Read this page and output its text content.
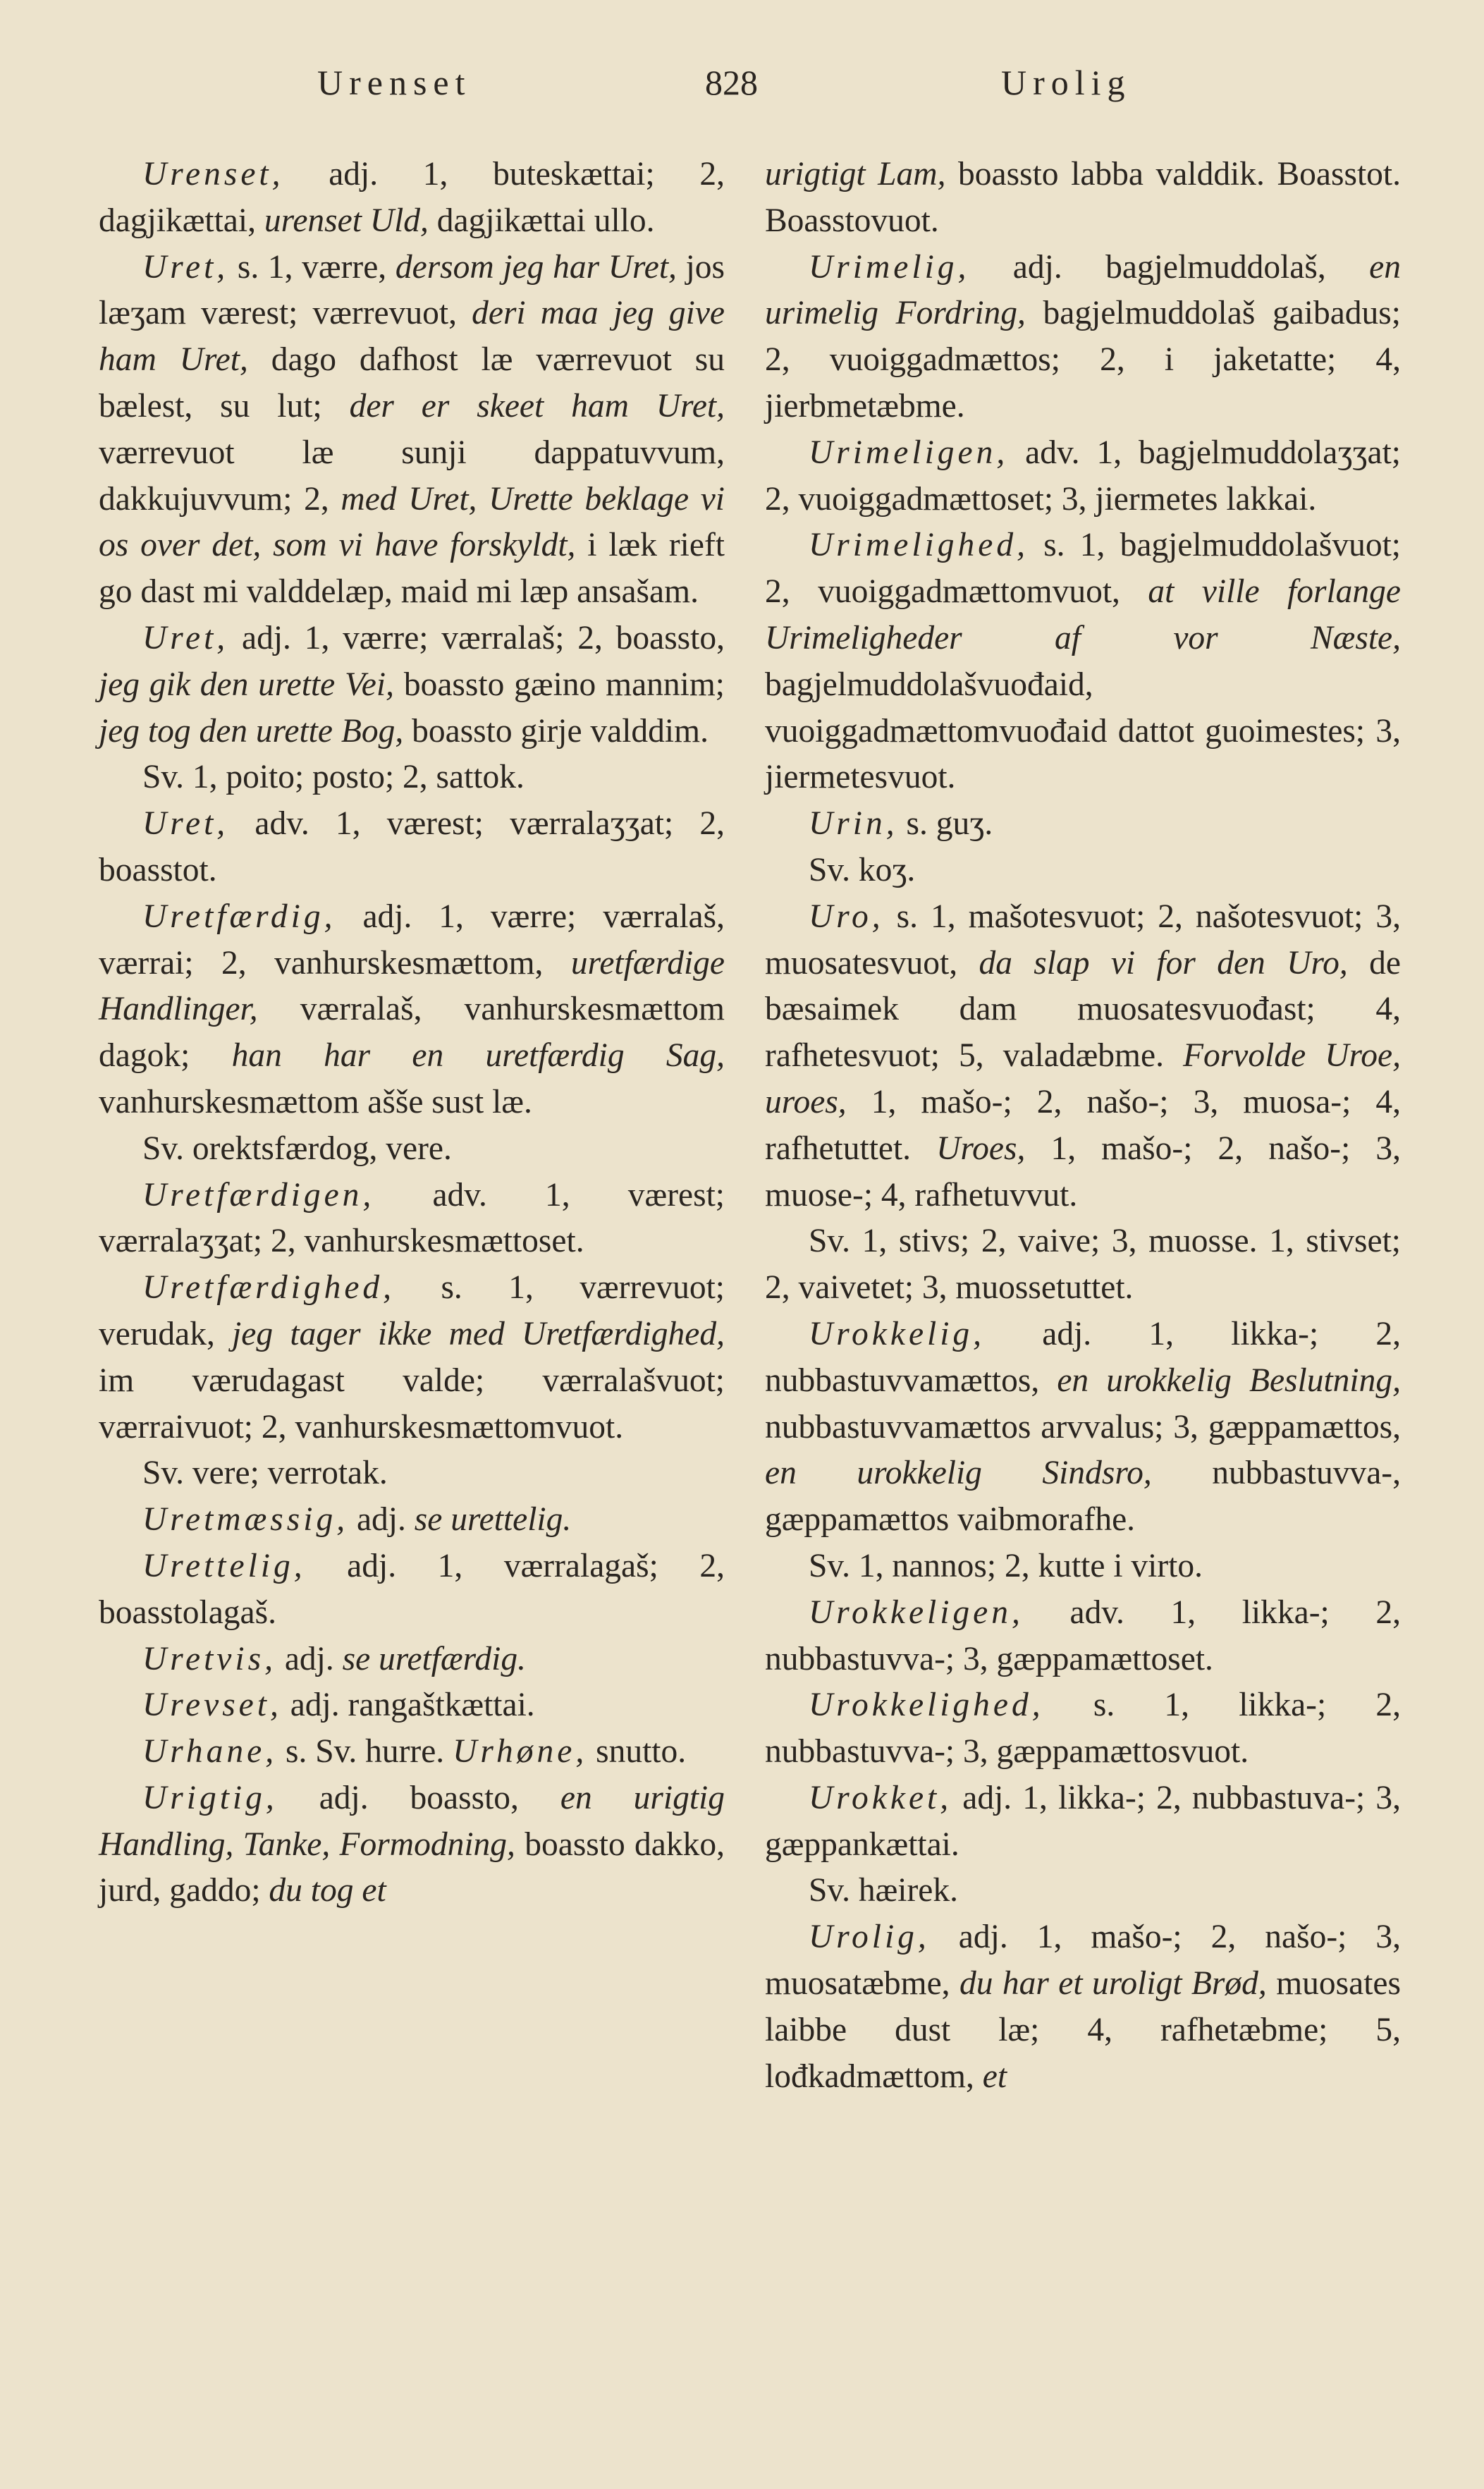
Urenset	828	Urolig

Urenset, adj. 1, buteskættai; 2, dagjikættai, urenset Uld, dagjikættai ullo.

Uret, s. 1, værre, dersom jeg har Uret, jos læʒam værest; værrevuot, deri maa jeg give ham Uret, dago dafhost læ værrevuot su bælest, su lut; der er skeet ham Uret, værrevuot læ sunji dappatuvvum, dakkujuvvum; 2, med Uret, Urette beklage vi os over det, som vi have forskyldt, i læk rieft go dast mi valddelæp, maid mi læp ansašam.

Uret, adj. 1, værre; værralaš; 2, boassto, jeg gik den urette Vei, boassto gæino mannim; jeg tog den urette Bog, boassto girje valddim.

Sv. 1, poito; posto; 2, sattok.

Uret, adv. 1, værest; værralaʒʒat; 2, boasstot.

Uretfærdig, adj. 1, værre; værralaš, værrai; 2, vanhurskesmættom, uretfærdige Handlinger, værralaš, vanhurskesmættom dagok; han har en uretfærdig Sag, vanhurskesmættom ašše sust læ.

Sv. orektsfærdog, vere.

Uretfærdigen, adv. 1, værest; værralaʒʒat; 2, vanhurskesmættoset.

Uretfærdighed, s. 1, værrevuot; verudak, jeg tager ikke med Uretfærdighed, im værudagast valde; værralašvuot; værraivuot; 2, vanhurskesmættomvuot.

Sv. vere; verrotak.

Uretmæssig, adj. se urettelig.

Urettelig, adj. 1, værralagaš; 2, boasstolagaš.

Uretvis, adj. se uretfærdig.

Urevset, adj. rangaštkættai.

Urhane, s. Sv. hurre. Urhøne, snutto.

Urigtig, adj. boassto, en urigtig Handling, Tanke, Formodning, boassto dakko, jurd, gaddo; du tog et

urigtigt Lam, boassto labba valddik. Boasstot. Boasstovuot.

Urimelig, adj. bagjelmuddolaš, en urimelig Fordring, bagjelmuddolaš gaibadus; 2, vuoiggadmættos; 2, i jaketatte; 4, jierbmetæbme.

Urimeligen, adv. 1, bagjelmuddolaʒʒat; 2, vuoiggadmættoset; 3, jiermetes lakkai.

Urimelighed, s. 1, bagjelmuddolašvuot; 2, vuoiggadmættomvuot, at ville forlange Urimeligheder af vor Næste, bagjelmuddolašvuođaid, vuoiggadmættomvuođaid dattot guoimestes; 3, jiermetesvuot.

Urin, s. guʒ.

Sv. koʒ.

Uro, s. 1, mašotesvuot; 2, našotesvuot; 3, muosatesvuot, da slap vi for den Uro, de bæsaimek dam muosatesvuođast; 4, rafhetesvuot; 5, valadæbme. Forvolde Uroe, uroes, 1, mašo-; 2, našo-; 3, muosa-; 4, rafhetuttet. Uroes, 1, mašo-; 2, našo-; 3, muose-; 4, rafhetuvvut.

Sv. 1, stivs; 2, vaive; 3, muosse. 1, stivset; 2, vaivetet; 3, muossetuttet.

Urokkelig, adj. 1, likka-; 2, nubbastuvvamættos, en urokkelig Beslutning, nubbastuvvamættos arvvalus; 3, gæppamættos, en urokkelig Sindsro, nubbastuvva-, gæppamættos vaibmorafhe.

Sv. 1, nannos; 2, kutte i virto.

Urokkeligen, adv. 1, likka-; 2, nubbastuvva-; 3, gæppamættoset.

Urokkelighed, s. 1, likka-; 2, nubbastuvva-; 3, gæppamættosvuot.

Urokket, adj. 1, likka-; 2, nubbastuva-; 3, gæppankættai.

Sv. hæirek.

Urolig, adj. 1, mašo-; 2, našo-; 3, muosatæbme, du har et uroligt Brød, muosates laibbe dust læ; 4, rafhetæbme; 5, lođkadmættom, et
